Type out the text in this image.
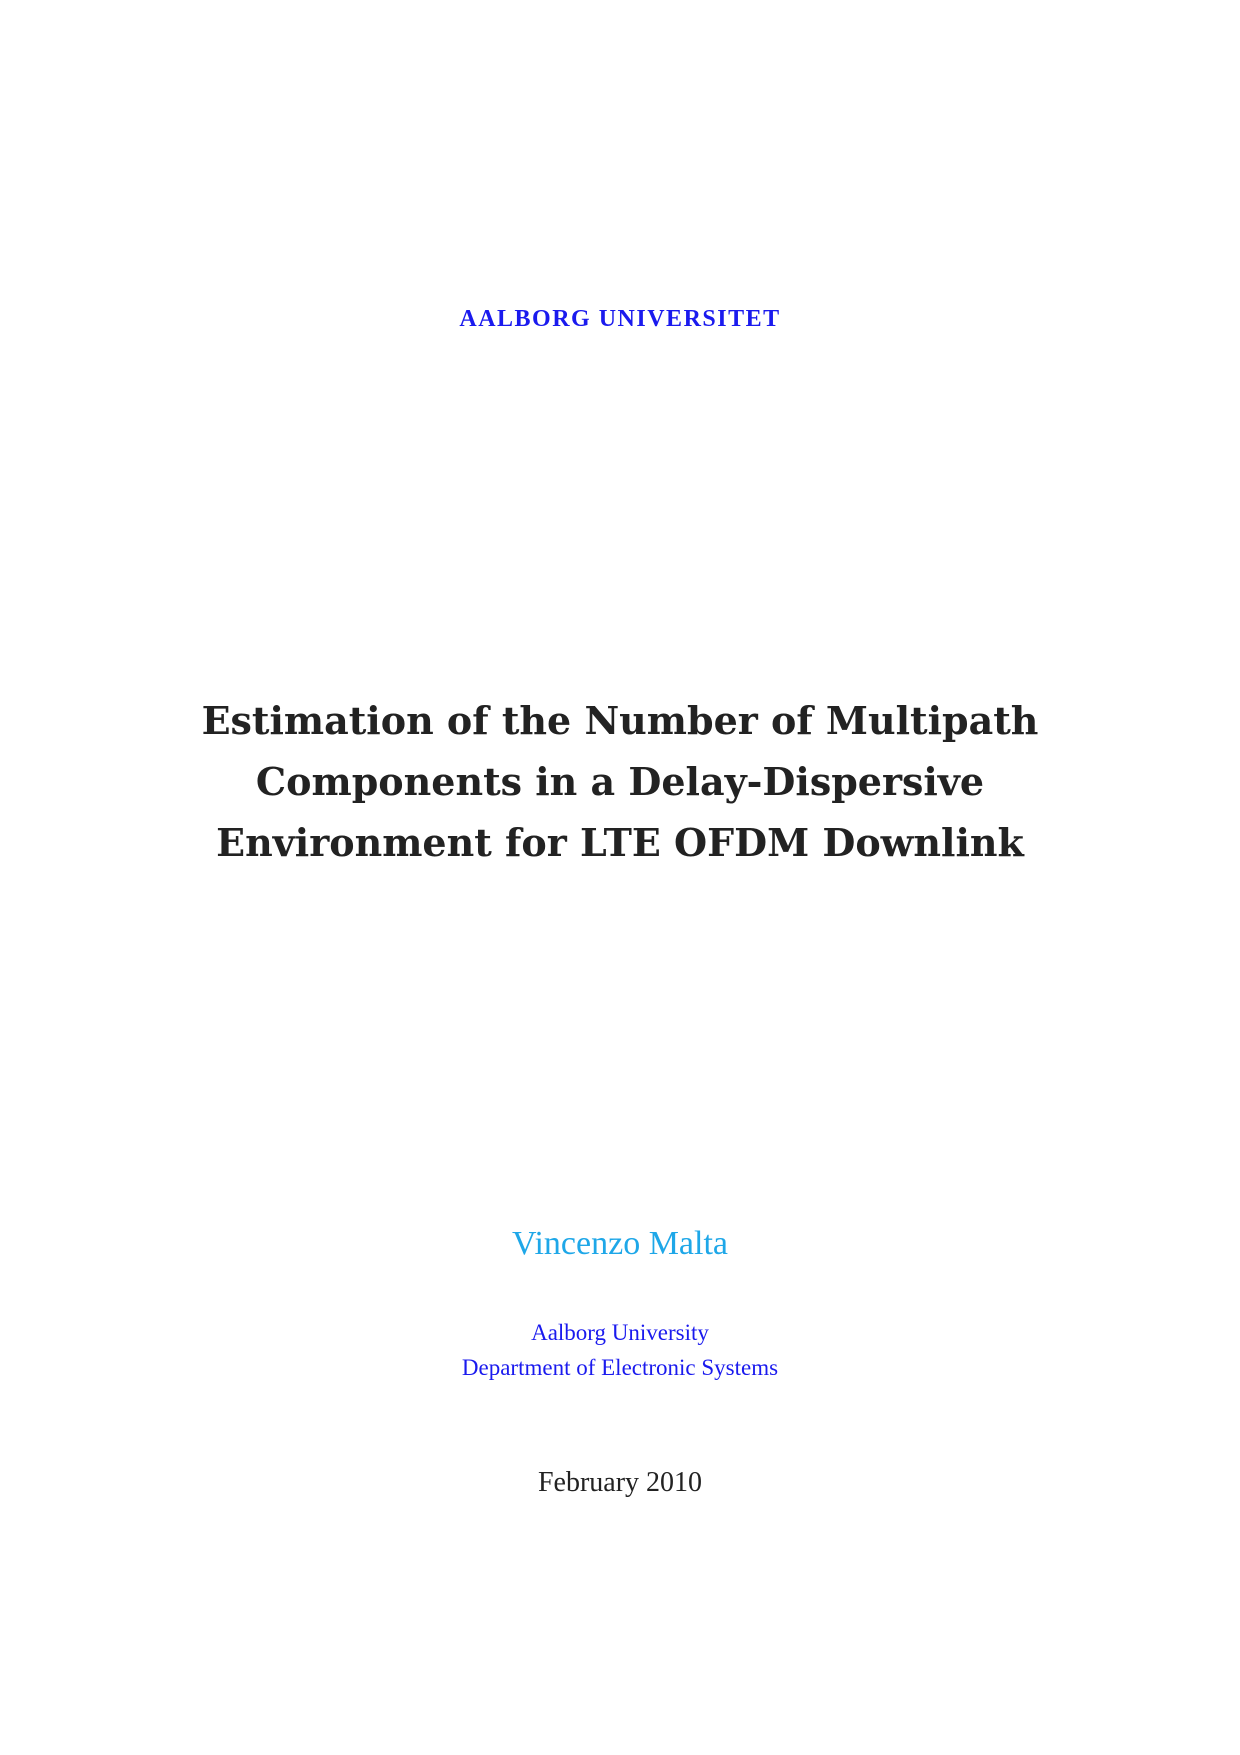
AALBORG UNIVERSITET
Estimation of the Number of Multipath
Components in a Delay-Dispersive
Environment for LTE OFDM Downlink
Vincenzo Malta
Aalborg University
Department of Electronic Systems
February 2010
